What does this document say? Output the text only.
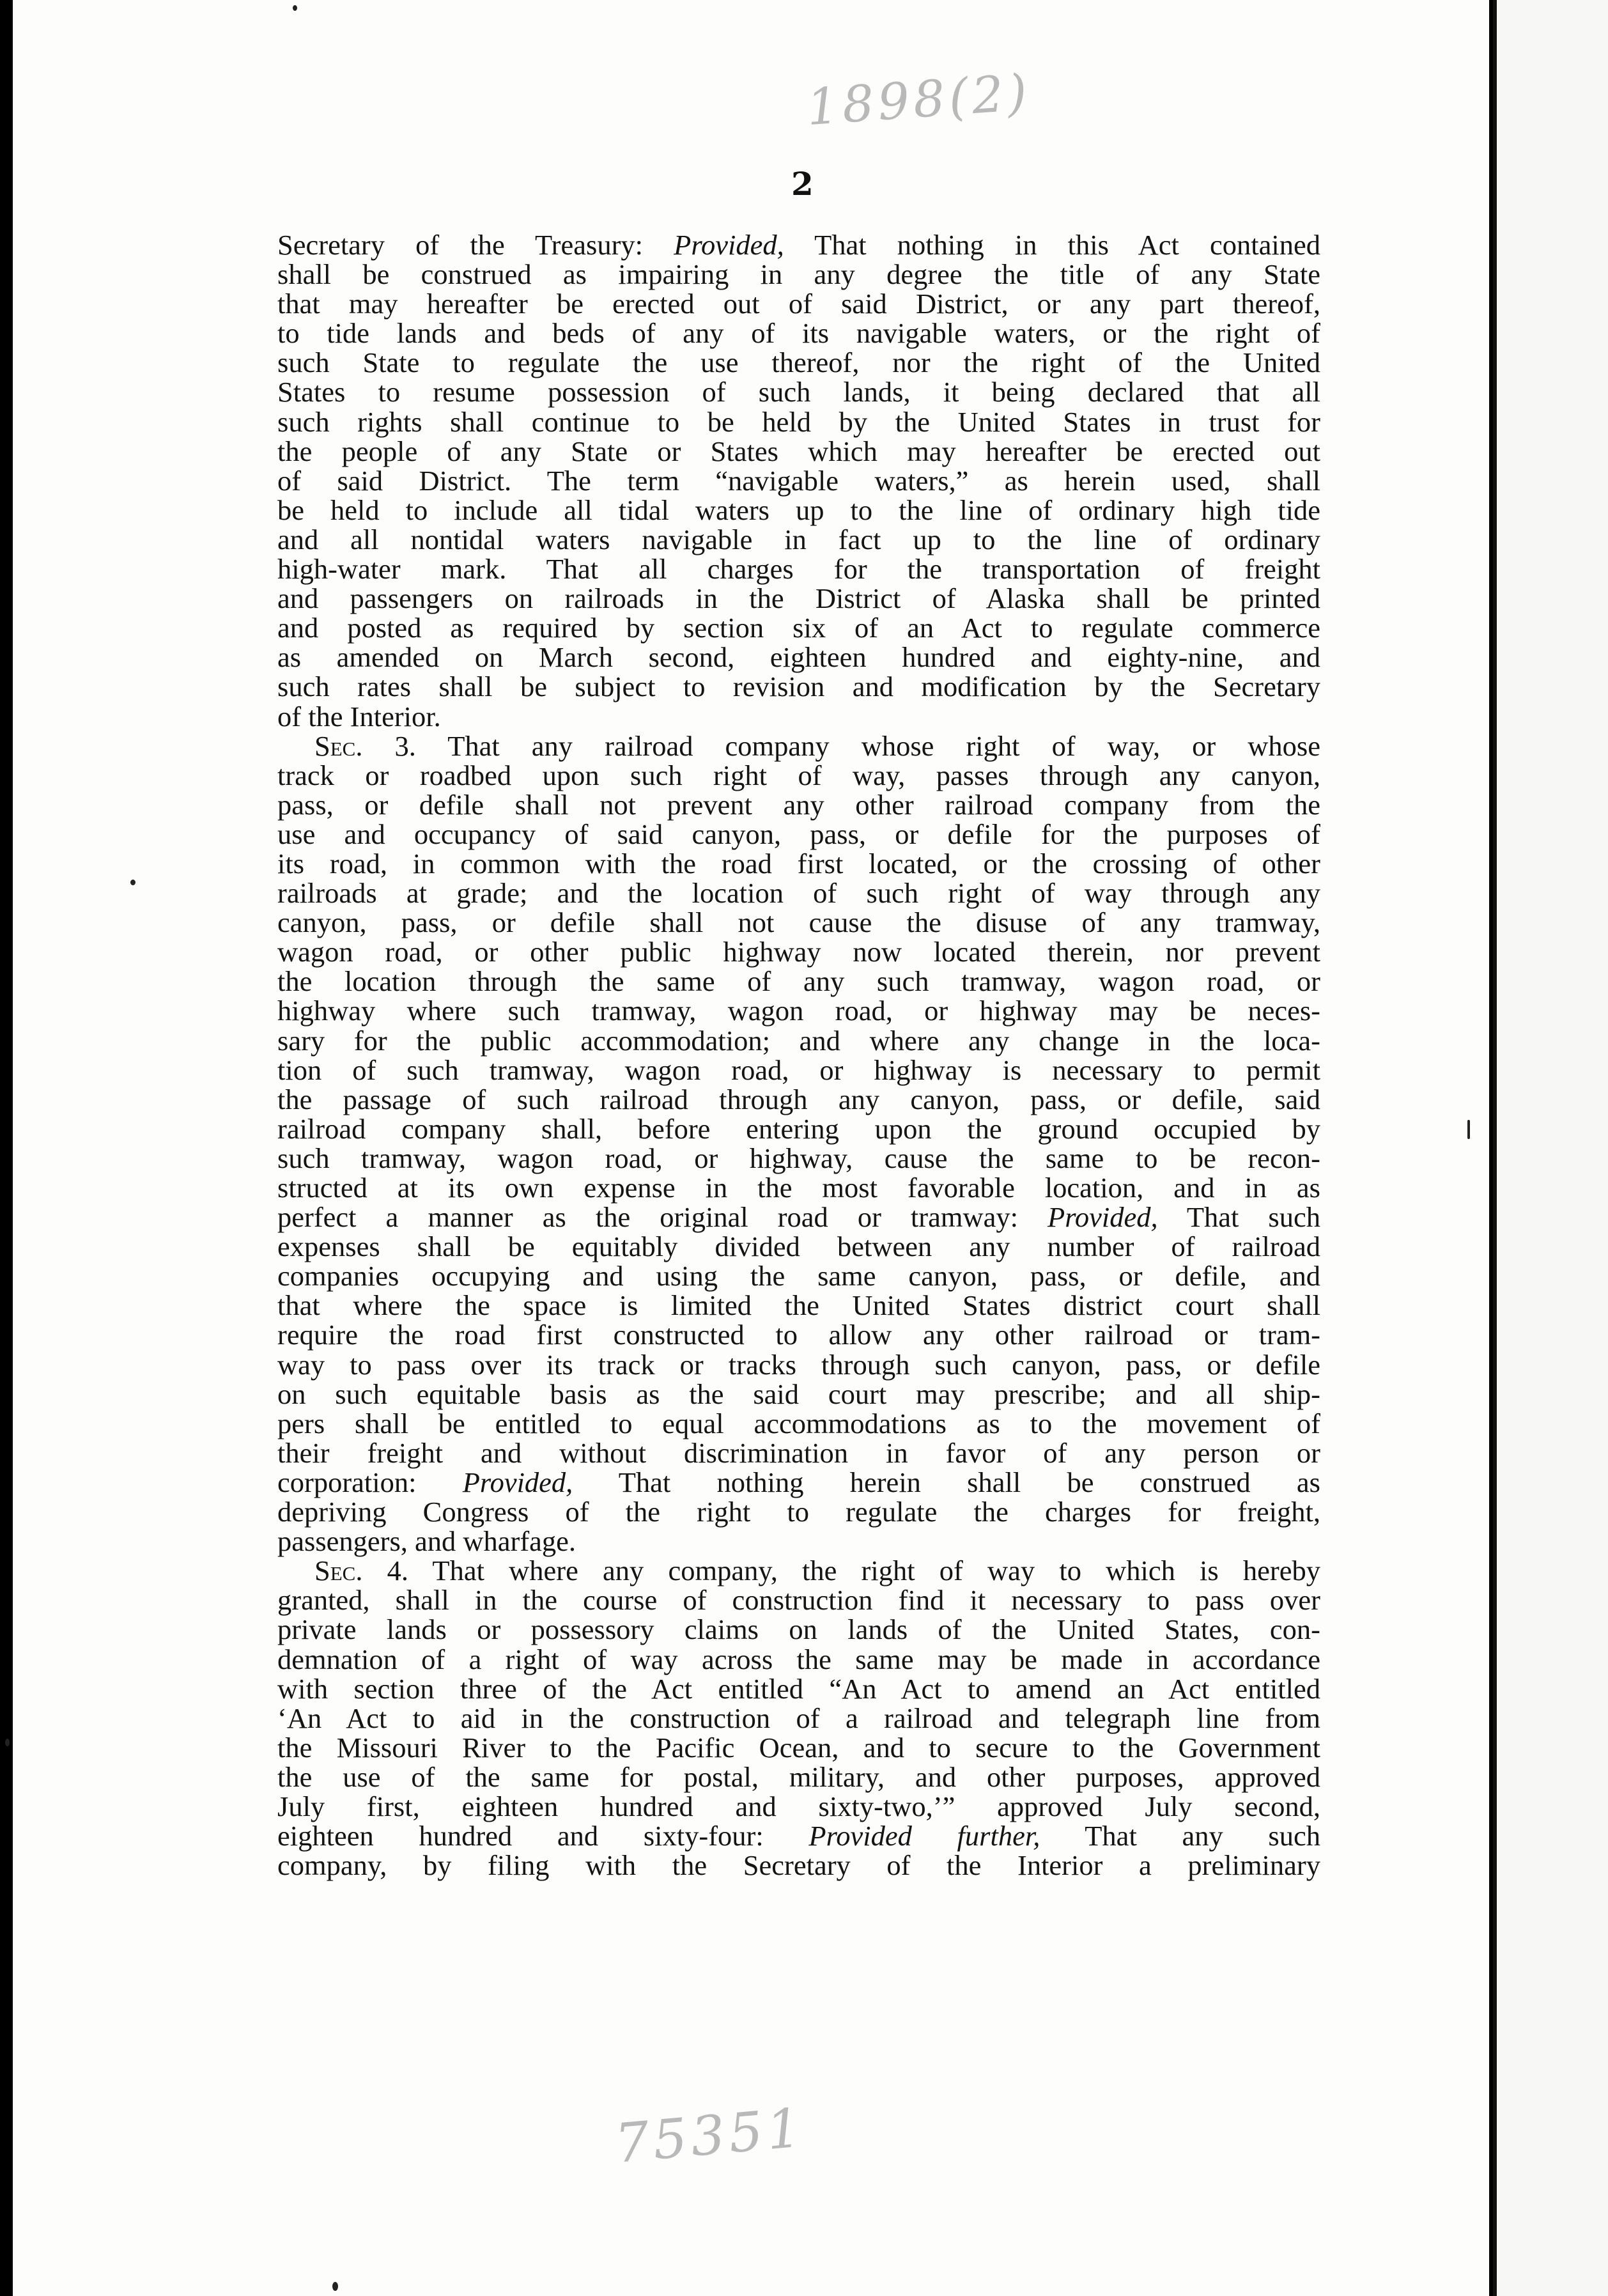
1898(2)
2
Secretary of the Treasury: Provided, That nothing in this Act contained
shall be construed as impairing in any degree the title of any State
that may hereafter be erected out of said District, or any part thereof,
to tide lands and beds of any of its navigable waters, or the right of
such State to regulate the use thereof, nor the right of the United
States to resume possession of such lands, it being declared that all
such rights shall continue to be held by the United States in trust for
the people of any State or States which may hereafter be erected out
of said District. The term “navigable waters,” as herein used, shall
be held to include all tidal waters up to the line of ordinary high tide
and all nontidal waters navigable in fact up to the line of ordinary
high-water mark. That all charges for the transportation of freight
and passengers on railroads in the District of Alaska shall be printed
and posted as required by section six of an Act to regulate commerce
as amended on March second, eighteen hundred and eighty-nine, and
such rates shall be subject to revision and modification by the Secretary
of the Interior.
Sec. 3. That any railroad company whose right of way, or whose
track or roadbed upon such right of way, passes through any canyon,
pass, or defile shall not prevent any other railroad company from the
use and occupancy of said canyon, pass, or defile for the purposes of
its road, in common with the road first located, or the crossing of other
railroads at grade; and the location of such right of way through any
canyon, pass, or defile shall not cause the disuse of any tramway,
wagon road, or other public highway now located therein, nor prevent
the location through the same of any such tramway, wagon road, or
highway where such tramway, wagon road, or highway may be neces-
sary for the public accommodation; and where any change in the loca-
tion of such tramway, wagon road, or highway is necessary to permit
the passage of such railroad through any canyon, pass, or defile, said
railroad company shall, before entering upon the ground occupied by
such tramway, wagon road, or highway, cause the same to be recon-
structed at its own expense in the most favorable location, and in as
perfect a manner as the original road or tramway: Provided, That such
expenses shall be equitably divided between any number of railroad
companies occupying and using the same canyon, pass, or defile, and
that where the space is limited the United States district court shall
require the road first constructed to allow any other railroad or tram-
way to pass over its track or tracks through such canyon, pass, or defile
on such equitable basis as the said court may prescribe; and all ship-
pers shall be entitled to equal accommodations as to the movement of
their freight and without discrimination in favor of any person or
corporation: Provided, That nothing herein shall be construed as
depriving Congress of the right to regulate the charges for freight,
passengers, and wharfage.
Sec. 4. That where any company, the right of way to which is hereby
granted, shall in the course of construction find it necessary to pass over
private lands or possessory claims on lands of the United States, con-
demnation of a right of way across the same may be made in accordance
with section three of the Act entitled “An Act to amend an Act entitled
‘An Act to aid in the construction of a railroad and telegraph line from
the Missouri River to the Pacific Ocean, and to secure to the Government
the use of the same for postal, military, and other purposes, approved
July first, eighteen hundred and sixty-two,’” approved July second,
eighteen hundred and sixty-four: Provided further, That any such
company, by filing with the Secretary of the Interior a preliminary
75351
